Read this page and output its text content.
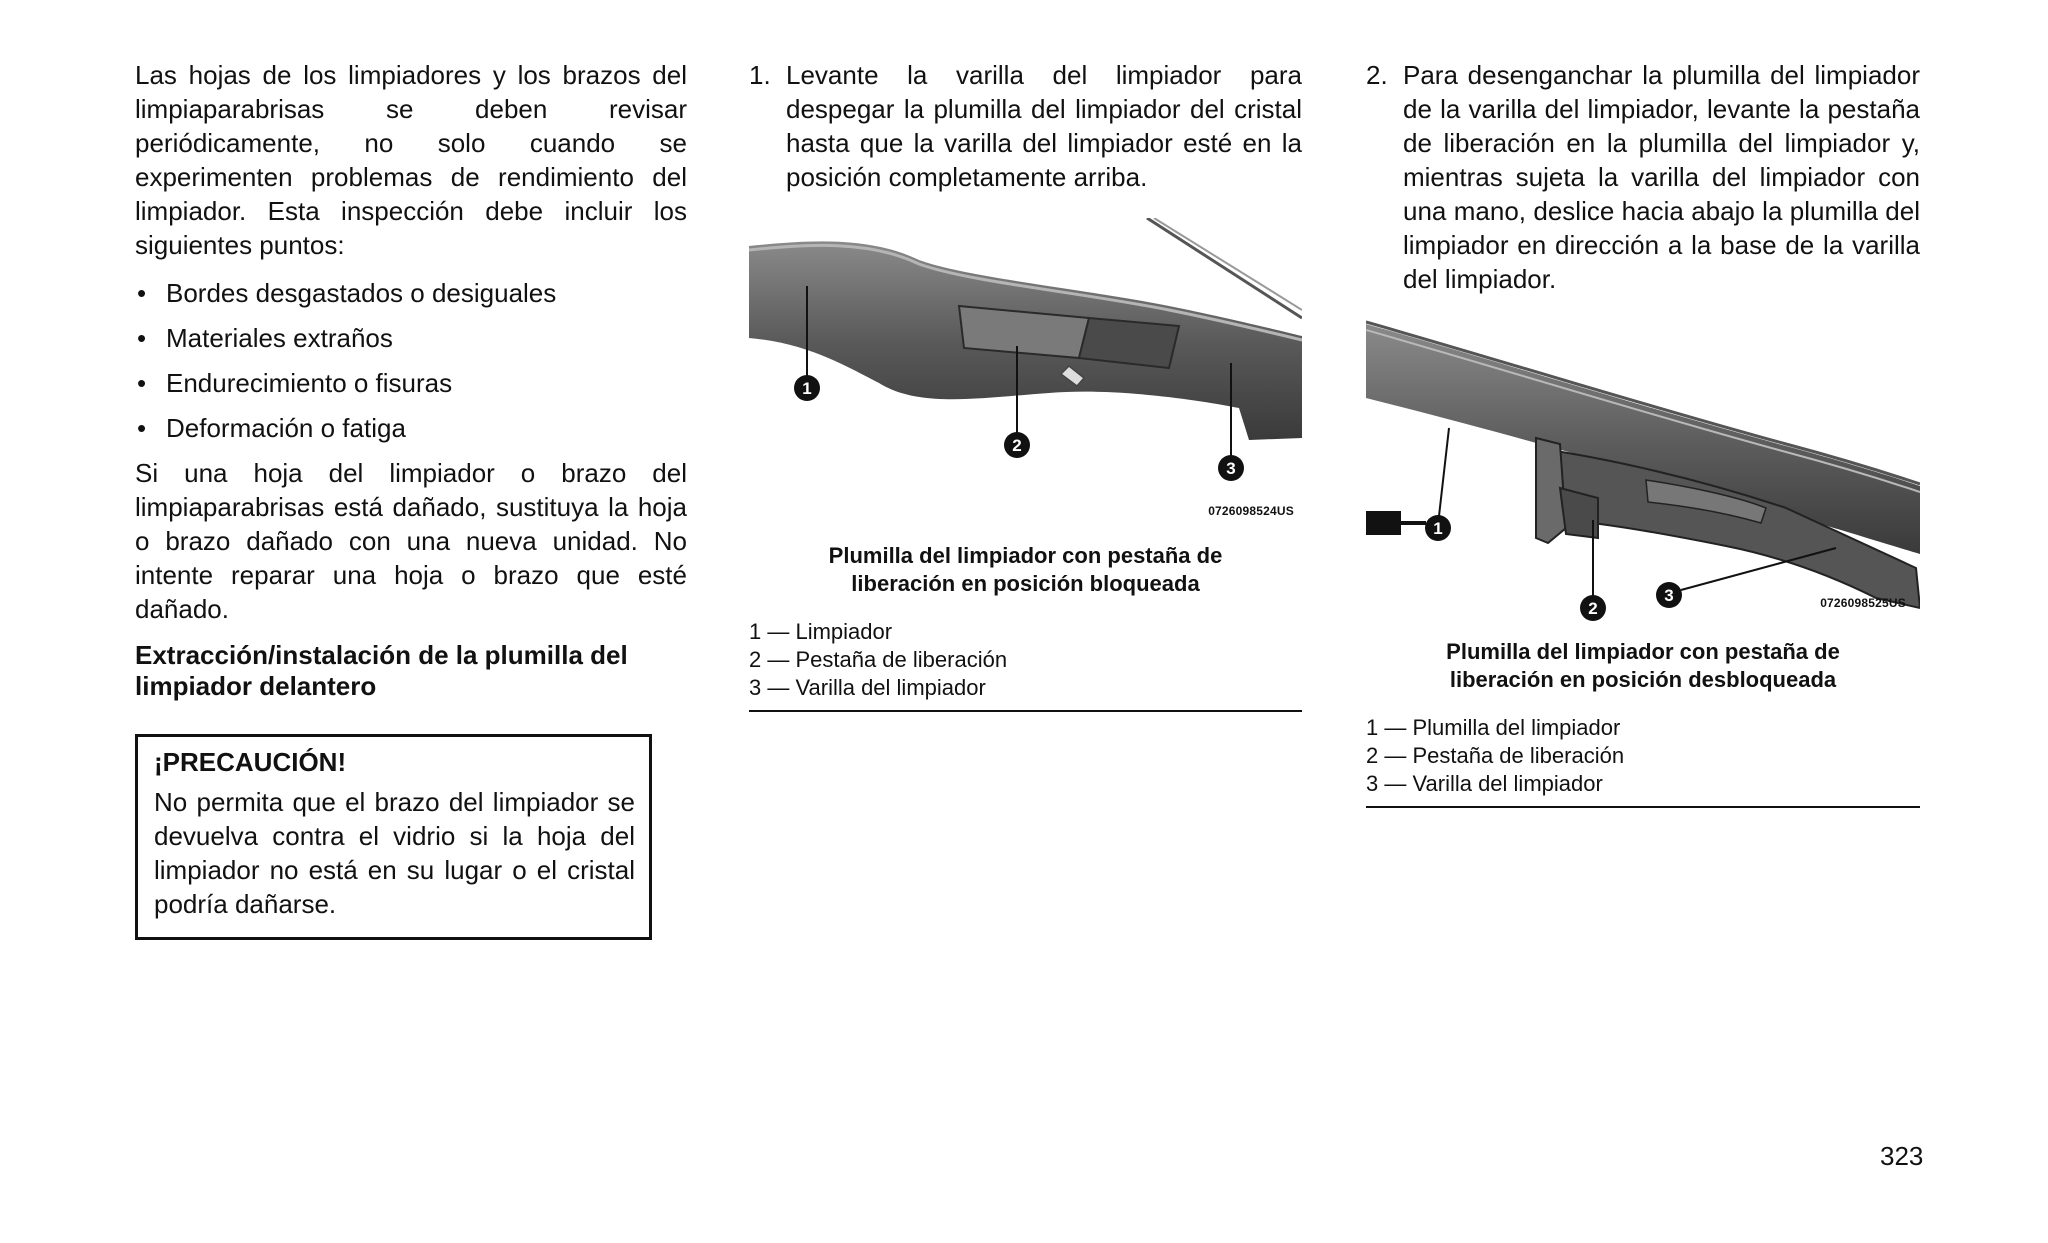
Las hojas de los limpiadores y los brazos del limpiaparabrisas se deben revisar periódicamente, no solo cuando se experimenten problemas de rendimiento del limpiador. Esta inspección debe incluir los siguientes puntos:

• Bordes desgastados o desiguales
• Materiales extraños
• Endurecimiento o fisuras
• Deformación o fatiga

Si una hoja del limpiador o brazo del limpiaparabrisas está dañado, sustituya la hoja o brazo dañado con una nueva unidad. No intente reparar una hoja o brazo que esté dañado.

Extracción/instalación de la plumilla del limpiador delantero
¡PRECAUCIÓN!

No permita que el brazo del limpiador se devuelva contra el vidrio si la hoja del limpiador no está en su lugar o el cristal podría dañarse.

1. Levante la varilla del limpiador para despegar la plumilla del limpiador del cristal hasta que la varilla del limpiador esté en la posición completamente arriba.
1
2
3
0726098524US

Plumilla del limpiador con pestaña de
liberación en posición bloqueada

1 — Limpiador
2 — Pestaña de liberación
3 — Varilla del limpiador
2. Para desenganchar la plumilla del limpiador de la varilla del limpiador, levante la pestaña de liberación en la plumilla del limpiador y, mientras sujeta la varilla del limpiador con una mano, deslice hacia abajo la plumilla del limpiador en dirección a la base de la varilla del limpiador.
1
2
3	0726098525US

Plumilla del limpiador con pestaña de
liberación en posición desbloqueada

1 — Plumilla del limpiador
2 — Pestaña de liberación
3 — Varilla del limpiador
323
